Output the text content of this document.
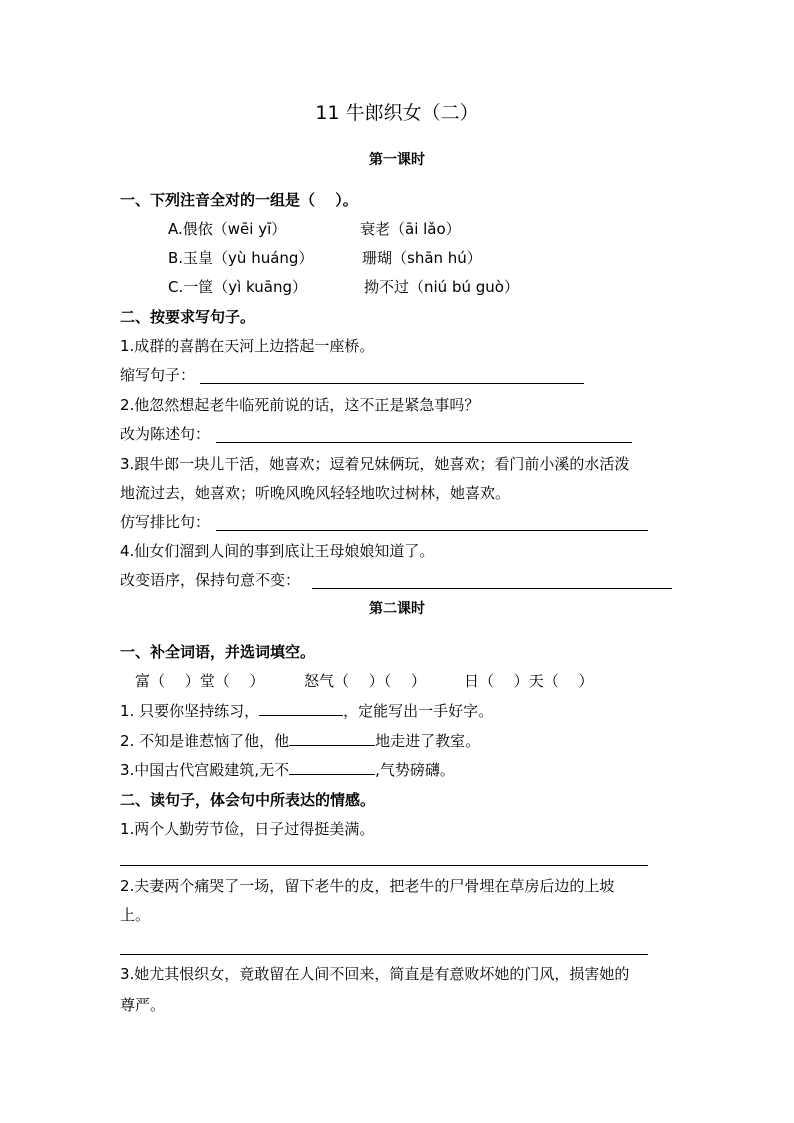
11 牛郎织女（二）
第一课时
一、下列注音全对的一组是（　 ）。
A.偎依（wēi yī）	衰老（āi lǎo）
B.玉皇（yù huáng）	珊瑚（shān hú）
C.一筐（yì kuāng）	拗不过（niú bú guò）
二、按要求写句子。
1.成群的喜鹊在天河上边搭起一座桥。
缩写句子：
2.他忽然想起老牛临死前说的话，这不正是紧急事吗？
改为陈述句：
3.跟牛郎一块儿干活，她喜欢；逗着兄妹俩玩，她喜欢；看门前小溪的水活泼
地流过去，她喜欢；听晚风晚风轻轻地吹过树林，她喜欢。
仿写排比句：
4.仙女们溜到人间的事到底让王母娘娘知道了。
改变语序，保持句意不变：
第二课时
一、补全词语，并选词填空。
富（　 ）堂（　 ）	怒气（　 ）（　 ）	日（　 ）天（　 ）
1. 只要你坚持练习，	，定能写出一手好字。
2. 不知是谁惹恼了他，他	地走进了教室。
3.中国古代宫殿建筑,无不	,气势磅礴。
二、读句子，体会句中所表达的情感。
1.两个人勤劳节俭，日子过得挺美满。
2.夫妻两个痛哭了一场，留下老牛的皮，把老牛的尸骨埋在草房后边的上坡
上。
3.她尤其恨织女，竟敢留在人间不回来，简直是有意败坏她的门风，损害她的
尊严。
